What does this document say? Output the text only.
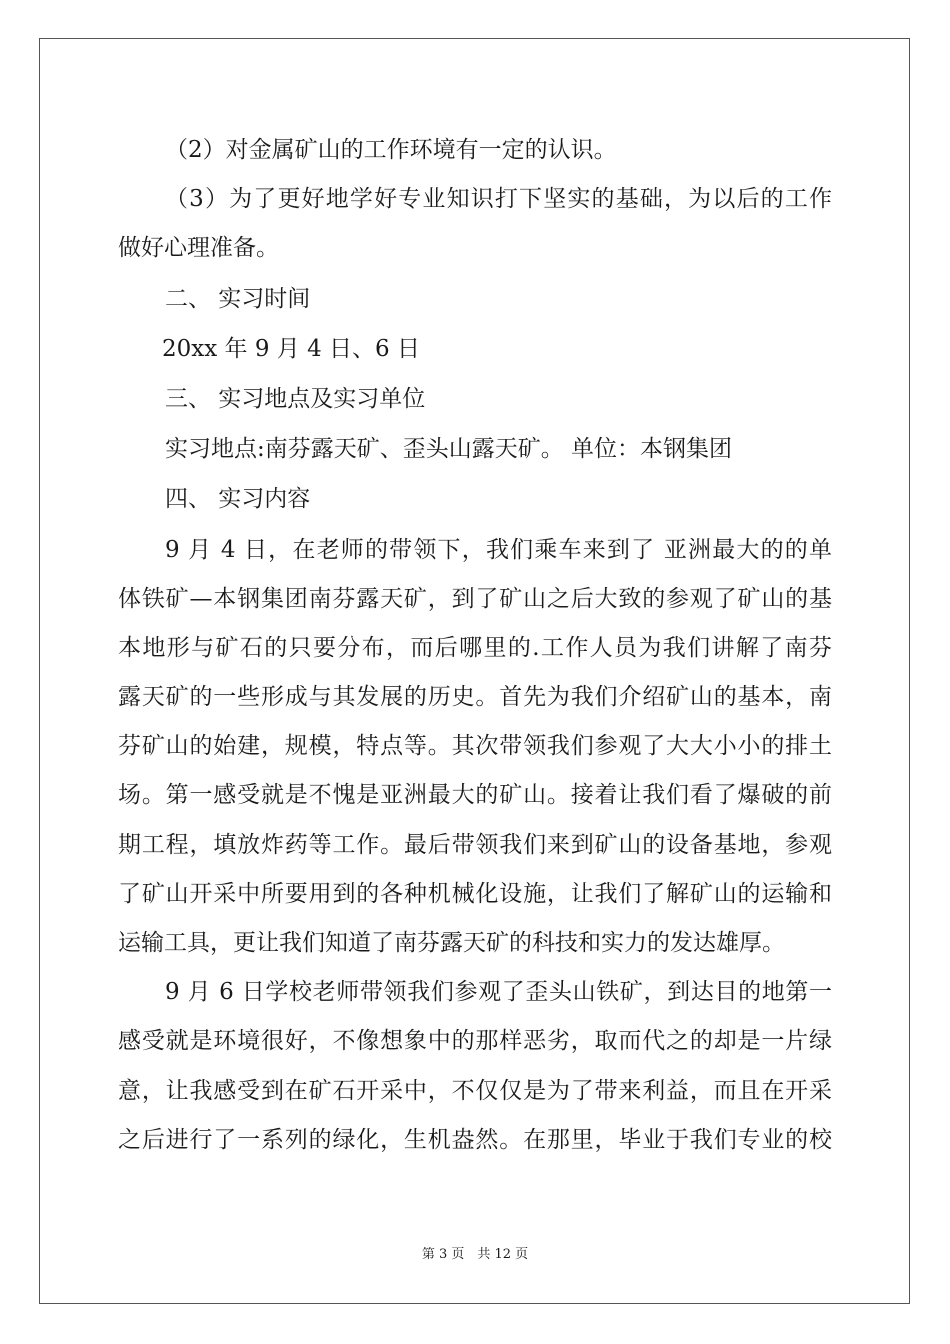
（2）对金属矿山的工作环境有一定的认识。
（3）为了更好地学好专业知识打下坚实的基础，为以后的工作
做好心理准备。
二、 实习时间
20xx 年 9 月 4 日、6 日
三、 实习地点及实习单位
实习地点:南芬露天矿、歪头山露天矿。 单位：本钢集团
四、 实习内容
9 月 4 日，在老师的带领下，我们乘车来到了 亚洲最大的的单
体铁矿—本钢集团南芬露天矿，到了矿山之后大致的参观了矿山的基
本地形与矿石的只要分布，而后哪里的.工作人员为我们讲解了南芬
露天矿的一些形成与其发展的历史。首先为我们介绍矿山的基本，南
芬矿山的始建，规模，特点等。其次带领我们参观了大大小小的排土
场。第一感受就是不愧是亚洲最大的矿山。接着让我们看了爆破的前
期工程，填放炸药等工作。最后带领我们来到矿山的设备基地，参观
了矿山开采中所要用到的各种机械化设施，让我们了解矿山的运输和
运输工具，更让我们知道了南芬露天矿的科技和实力的发达雄厚。
9 月 6 日学校老师带领我们参观了歪头山铁矿，到达目的地第一
感受就是环境很好，不像想象中的那样恶劣，取而代之的却是一片绿
意，让我感受到在矿石开采中，不仅仅是为了带来利益，而且在开采
之后进行了一系列的绿化，生机盎然。在那里，毕业于我们专业的校
第 3 页　共 12 页
